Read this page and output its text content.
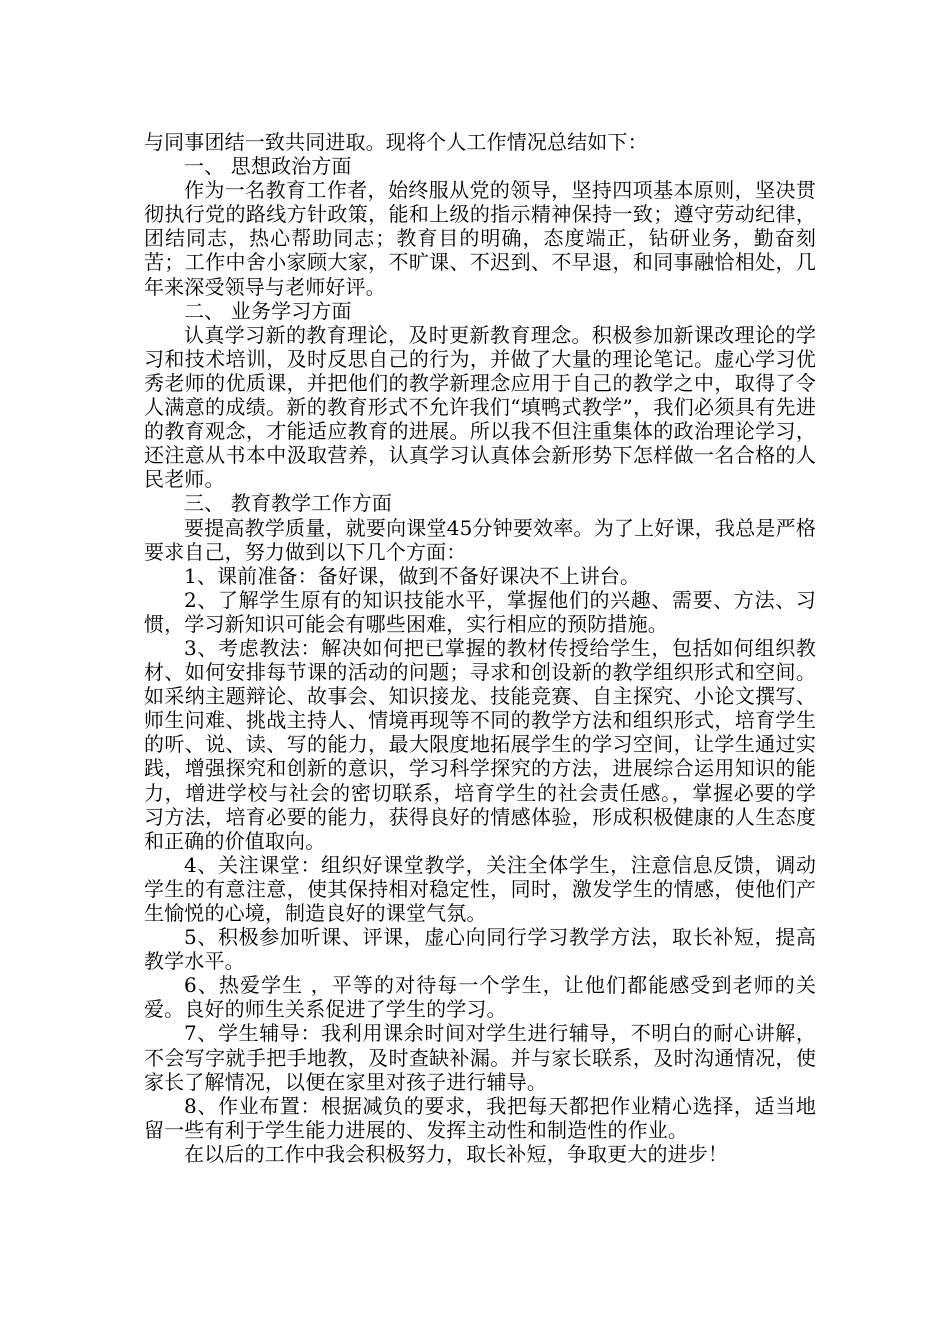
与同事团结一致共同进取。现将个人工作情况总结如下：

一、 思想政治方面

作为一名教育工作者，始终服从党的领导，坚持四项基本原则，坚决贯彻执行党的路线方针政策，能和上级的指示精神保持一致；遵守劳动纪律，团结同志，热心帮助同志；教育目的明确，态度端正，钻研业务，勤奋刻苦；工作中舍小家顾大家，不旷课、不迟到、不早退，和同事融恰相处，几年来深受领导与老师好评。

二、 业务学习方面

认真学习新的教育理论，及时更新教育理念。积极参加新课改理论的学习和技术培训，及时反思自己的行为，并做了大量的理论笔记。虚心学习优秀老师的优质课，并把他们的教学新理念应用于自己的教学之中，取得了令人满意的成绩。新的教育形式不允许我们“填鸭式教学”，我们必须具有先进的教育观念，才能适应教育的进展。所以我不但注重集体的政治理论学习，还注意从书本中汲取营养，认真学习认真体会新形势下怎样做一名合格的人民老师。

三、 教育教学工作方面

要提高教学质量，就要向课堂45分钟要效率。为了上好课，我总是严格要求自己，努力做到以下几个方面：

1、课前准备：备好课，做到不备好课决不上讲台。

2、了解学生原有的知识技能水平，掌握他们的兴趣、需要、方法、习惯，学习新知识可能会有哪些困难，实行相应的预防措施。

3、考虑教法：解决如何把已掌握的教材传授给学生，包括如何组织教材、如何安排每节课的活动的问题；寻求和创设新的教学组织形式和空间。如采纳主题辩论、故事会、知识接龙、技能竞赛、自主探究、小论文撰写、师生问难、挑战主持人、情境再现等不同的教学方法和组织形式，培育学生的听、说、读、写的能力，最大限度地拓展学生的学习空间，让学生通过实践，增强探究和创新的意识，学习科学探究的方法，进展综合运用知识的能力，增进学校与社会的密切联系，培育学生的社会责任感。，掌握必要的学习方法，培育必要的能力，获得良好的情感体验，形成积极健康的人生态度和正确的价值取向。

4、关注课堂：组织好课堂教学，关注全体学生，注意信息反馈，调动学生的有意注意，使其保持相对稳定性，同时，激发学生的情感，使他们产生愉悦的心境，制造良好的课堂气氛。

5、积极参加听课、评课，虚心向同行学习教学方法，取长补短，提高教学水平。

6、热爱学生 ，平等的对待每一个学生，让他们都能感受到老师的关爱。良好的师生关系促进了学生的学习。

7、学生辅导：我利用课余时间对学生进行辅导，不明白的耐心讲解，不会写字就手把手地教，及时查缺补漏。并与家长联系，及时沟通情况，使家长了解情况，以便在家里对孩子进行辅导。

8、作业布置：根据减负的要求，我把每天都把作业精心选择，适当地留一些有利于学生能力进展的、发挥主动性和制造性的作业。

在以后的工作中我会积极努力，取长补短，争取更大的进步！
